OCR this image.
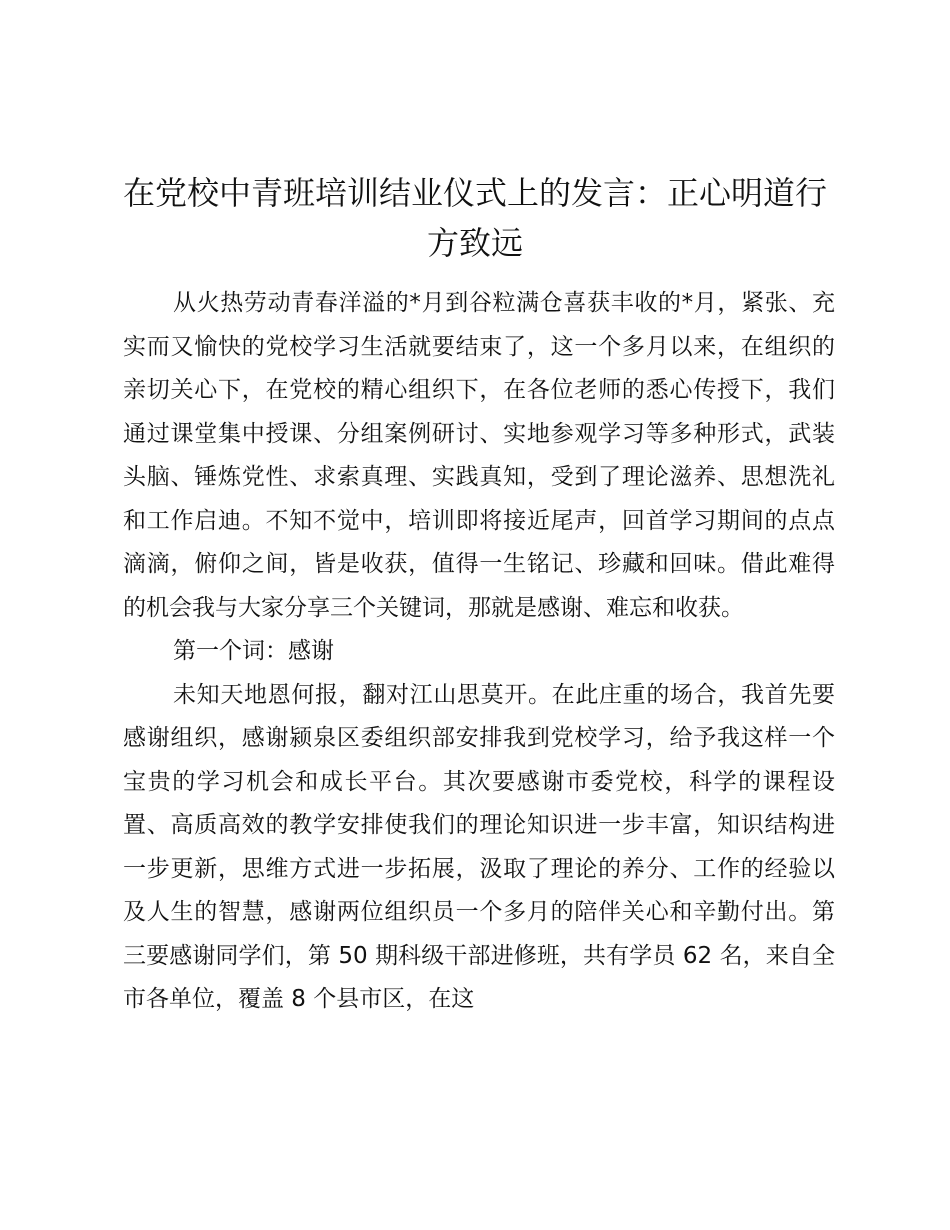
在党校中青班培训结业仪式上的发言：正心明道行方致远

从火热劳动青春洋溢的*月到谷粒满仓喜获丰收的*月，紧张、充实而又愉快的党校学习生活就要结束了，这一个多月以来，在组织的亲切关心下，在党校的精心组织下，在各位老师的悉心传授下，我们通过课堂集中授课、分组案例研讨、实地参观学习等多种形式，武装头脑、锤炼党性、求索真理、实践真知，受到了理论滋养、思想洗礼和工作启迪。不知不觉中，培训即将接近尾声，回首学习期间的点点滴滴，俯仰之间，皆是收获，值得一生铭记、珍藏和回味。借此难得的机会我与大家分享三个关键词，那就是感谢、难忘和收获。

第一个词：感谢

未知天地恩何报，翻对江山思莫开。在此庄重的场合，我首先要感谢组织，感谢颍泉区委组织部安排我到党校学习，给予我这样一个宝贵的学习机会和成长平台。其次要感谢市委党校，科学的课程设置、高质高效的教学安排使我们的理论知识进一步丰富，知识结构进一步更新，思维方式进一步拓展，汲取了理论的养分、工作的经验以及人生的智慧，感谢两位组织员一个多月的陪伴关心和辛勤付出。第三要感谢同学们，第 50 期科级干部进修班，共有学员 62 名，来自全市各单位，覆盖 8 个县市区，在这
